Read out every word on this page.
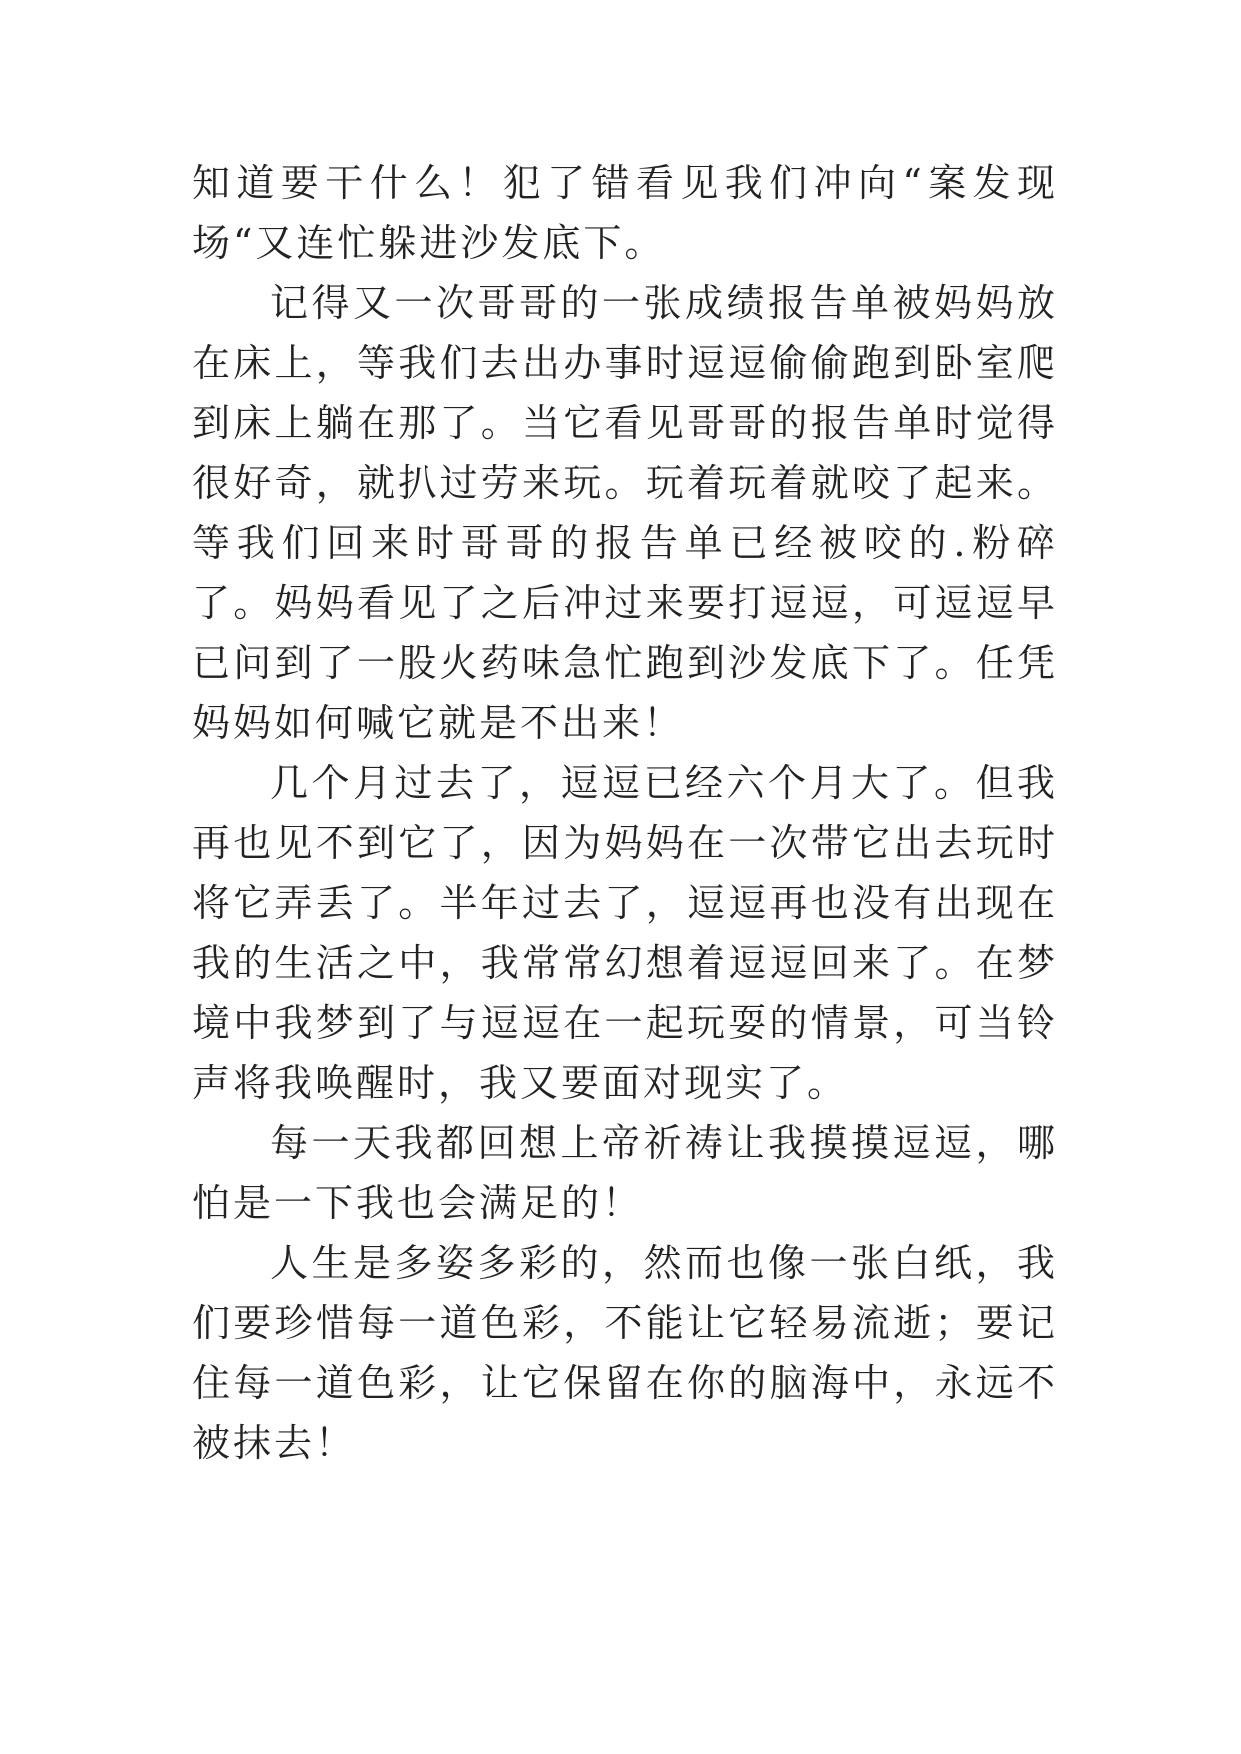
知道要干什么！犯了错看见我们冲向“案发现场“又连忙躲进沙发底下。

记得又一次哥哥的一张成绩报告单被妈妈放在床上，等我们去出办事时逗逗偷偷跑到卧室爬到床上躺在那了。当它看见哥哥的报告单时觉得很好奇，就扒过劳来玩。玩着玩着就咬了起来。等我们回来时哥哥的报告单已经被咬的.粉碎了。妈妈看见了之后冲过来要打逗逗，可逗逗早已问到了一股火药味急忙跑到沙发底下了。任凭妈妈如何喊它就是不出来！

几个月过去了，逗逗已经六个月大了。但我再也见不到它了，因为妈妈在一次带它出去玩时将它弄丢了。半年过去了，逗逗再也没有出现在我的生活之中，我常常幻想着逗逗回来了。在梦境中我梦到了与逗逗在一起玩耍的情景，可当铃声将我唤醒时，我又要面对现实了。

每一天我都回想上帝祈祷让我摸摸逗逗，哪怕是一下我也会满足的！

人生是多姿多彩的，然而也像一张白纸，我们要珍惜每一道色彩，不能让它轻易流逝；要记住每一道色彩，让它保留在你的脑海中，永远不被抹去！
